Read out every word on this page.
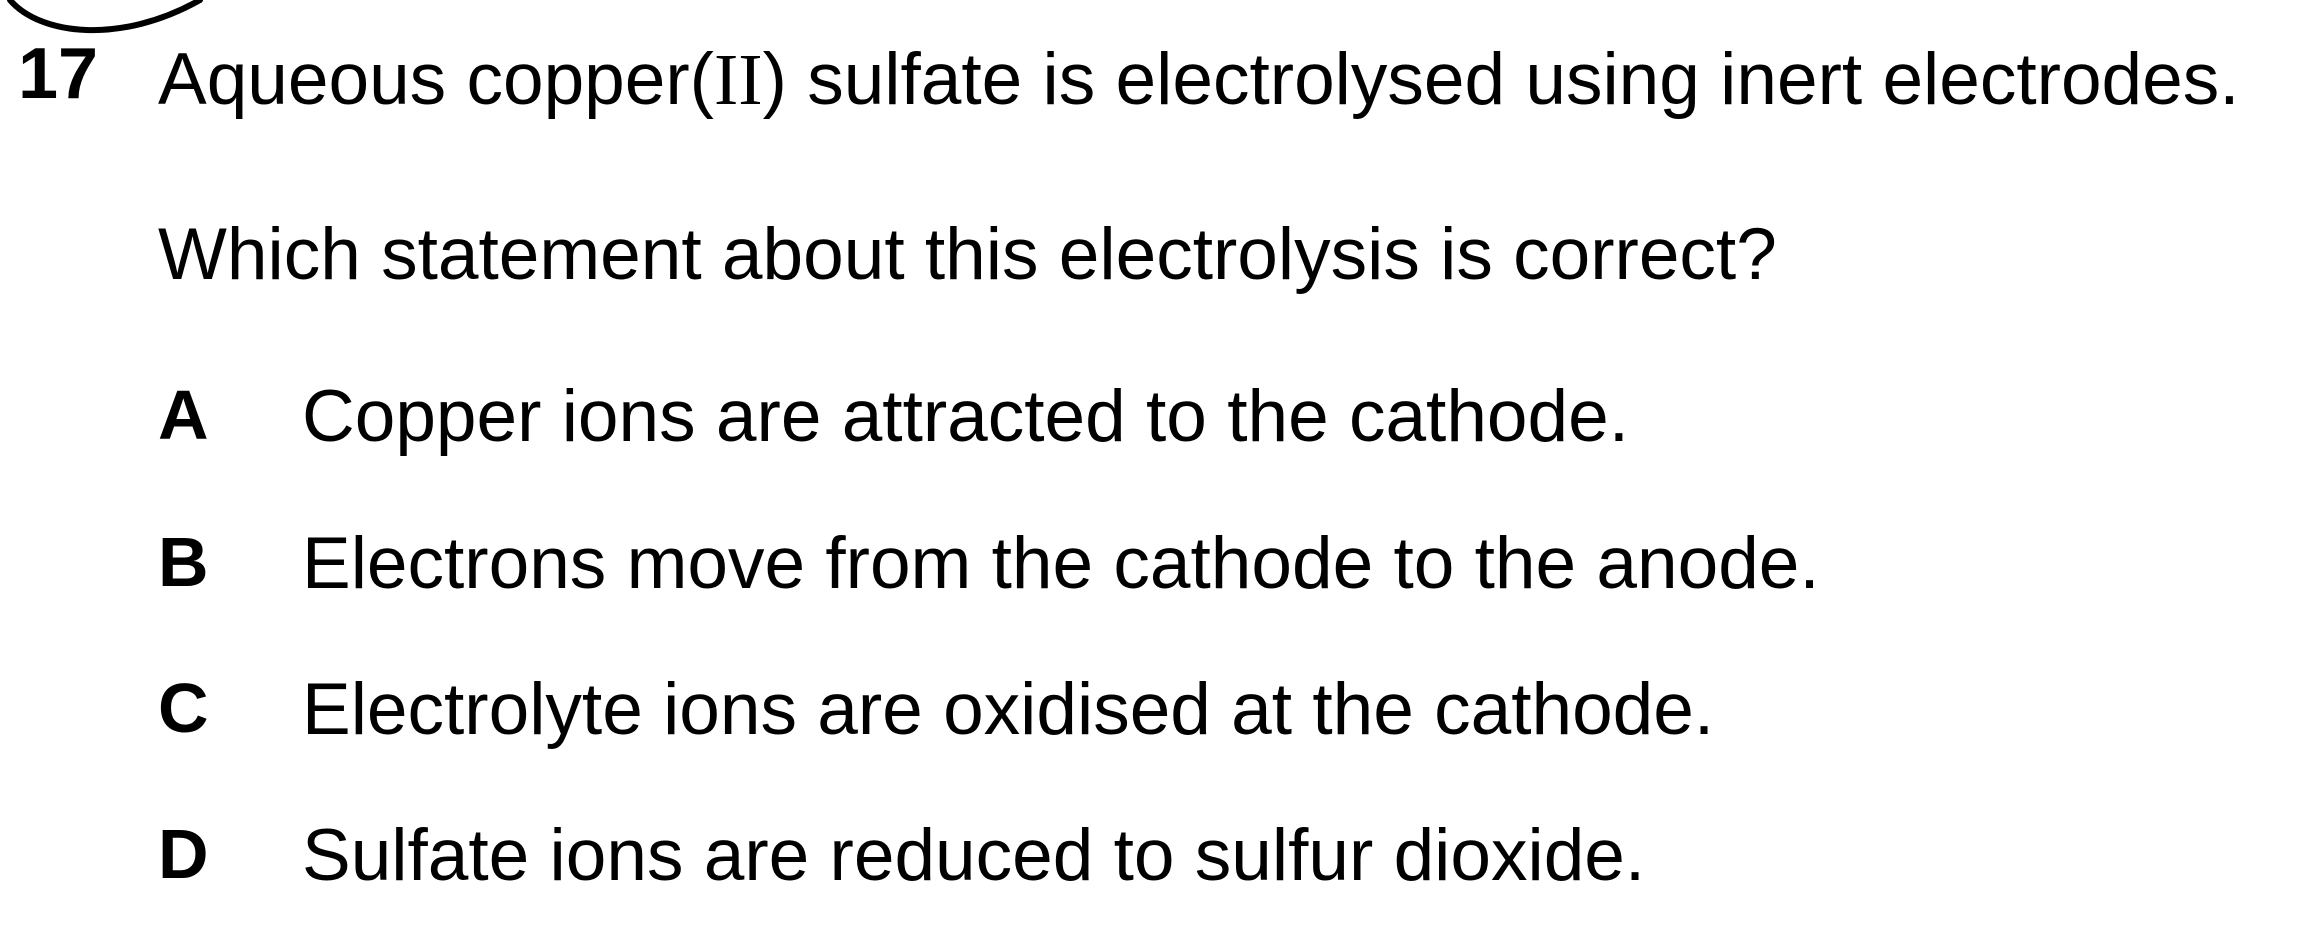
17 Aqueous copper(II) sulfate is electrolysed using inert electrodes.
Which statement about this electrolysis is correct?
A Copper ions are attracted to the cathode.
B Electrons move from the cathode to the anode.
C Electrolyte ions are oxidised at the cathode.
D Sulfate ions are reduced to sulfur dioxide.
